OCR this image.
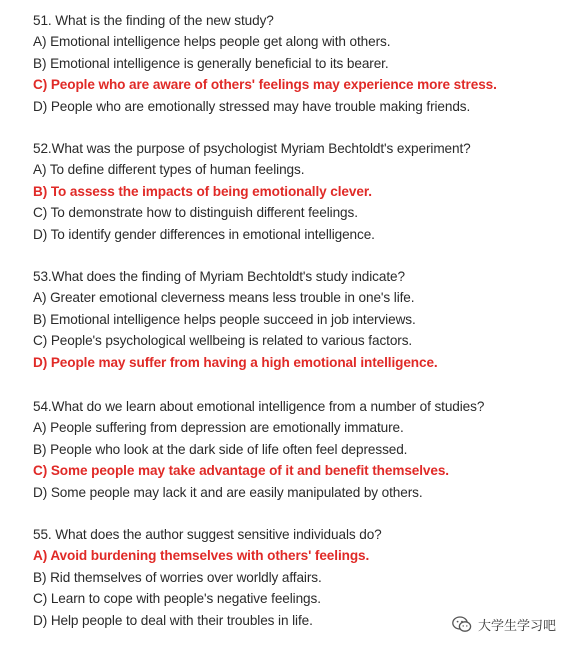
51. What is the finding of the new study?
A) Emotional intelligence helps people get along with others.
B) Emotional intelligence is generally beneficial to its bearer.
C) People who are aware of others' feelings may experience more stress.
D) People who are emotionally stressed may have trouble making friends.
52.What was the purpose of psychologist Myriam Bechtoldt's experiment?
A) To define different types of human feelings.
B) To assess the impacts of being emotionally clever.
C) To demonstrate how to distinguish different feelings.
D) To identify gender differences in emotional intelligence.
53.What does the finding of Myriam Bechtoldt's study indicate?
A) Greater emotional cleverness means less trouble in one's life.
B) Emotional intelligence helps people succeed in job interviews.
C) People's psychological wellbeing is related to various factors.
D) People may suffer from having a high emotional intelligence.
54.What do we learn about emotional intelligence from a number of studies?
A) People suffering from depression are emotionally immature.
B) People who look at the dark side of life often feel depressed.
C) Some people may take advantage of it and benefit themselves.
D) Some people may lack it and are easily manipulated by others.
55. What does the author suggest sensitive individuals do?
A) Avoid burdening themselves with others' feelings.
B) Rid themselves of worries over worldly affairs.
C) Learn to cope with people's negative feelings.
D) Help people to deal with their troubles in life.	大学生学习吧
